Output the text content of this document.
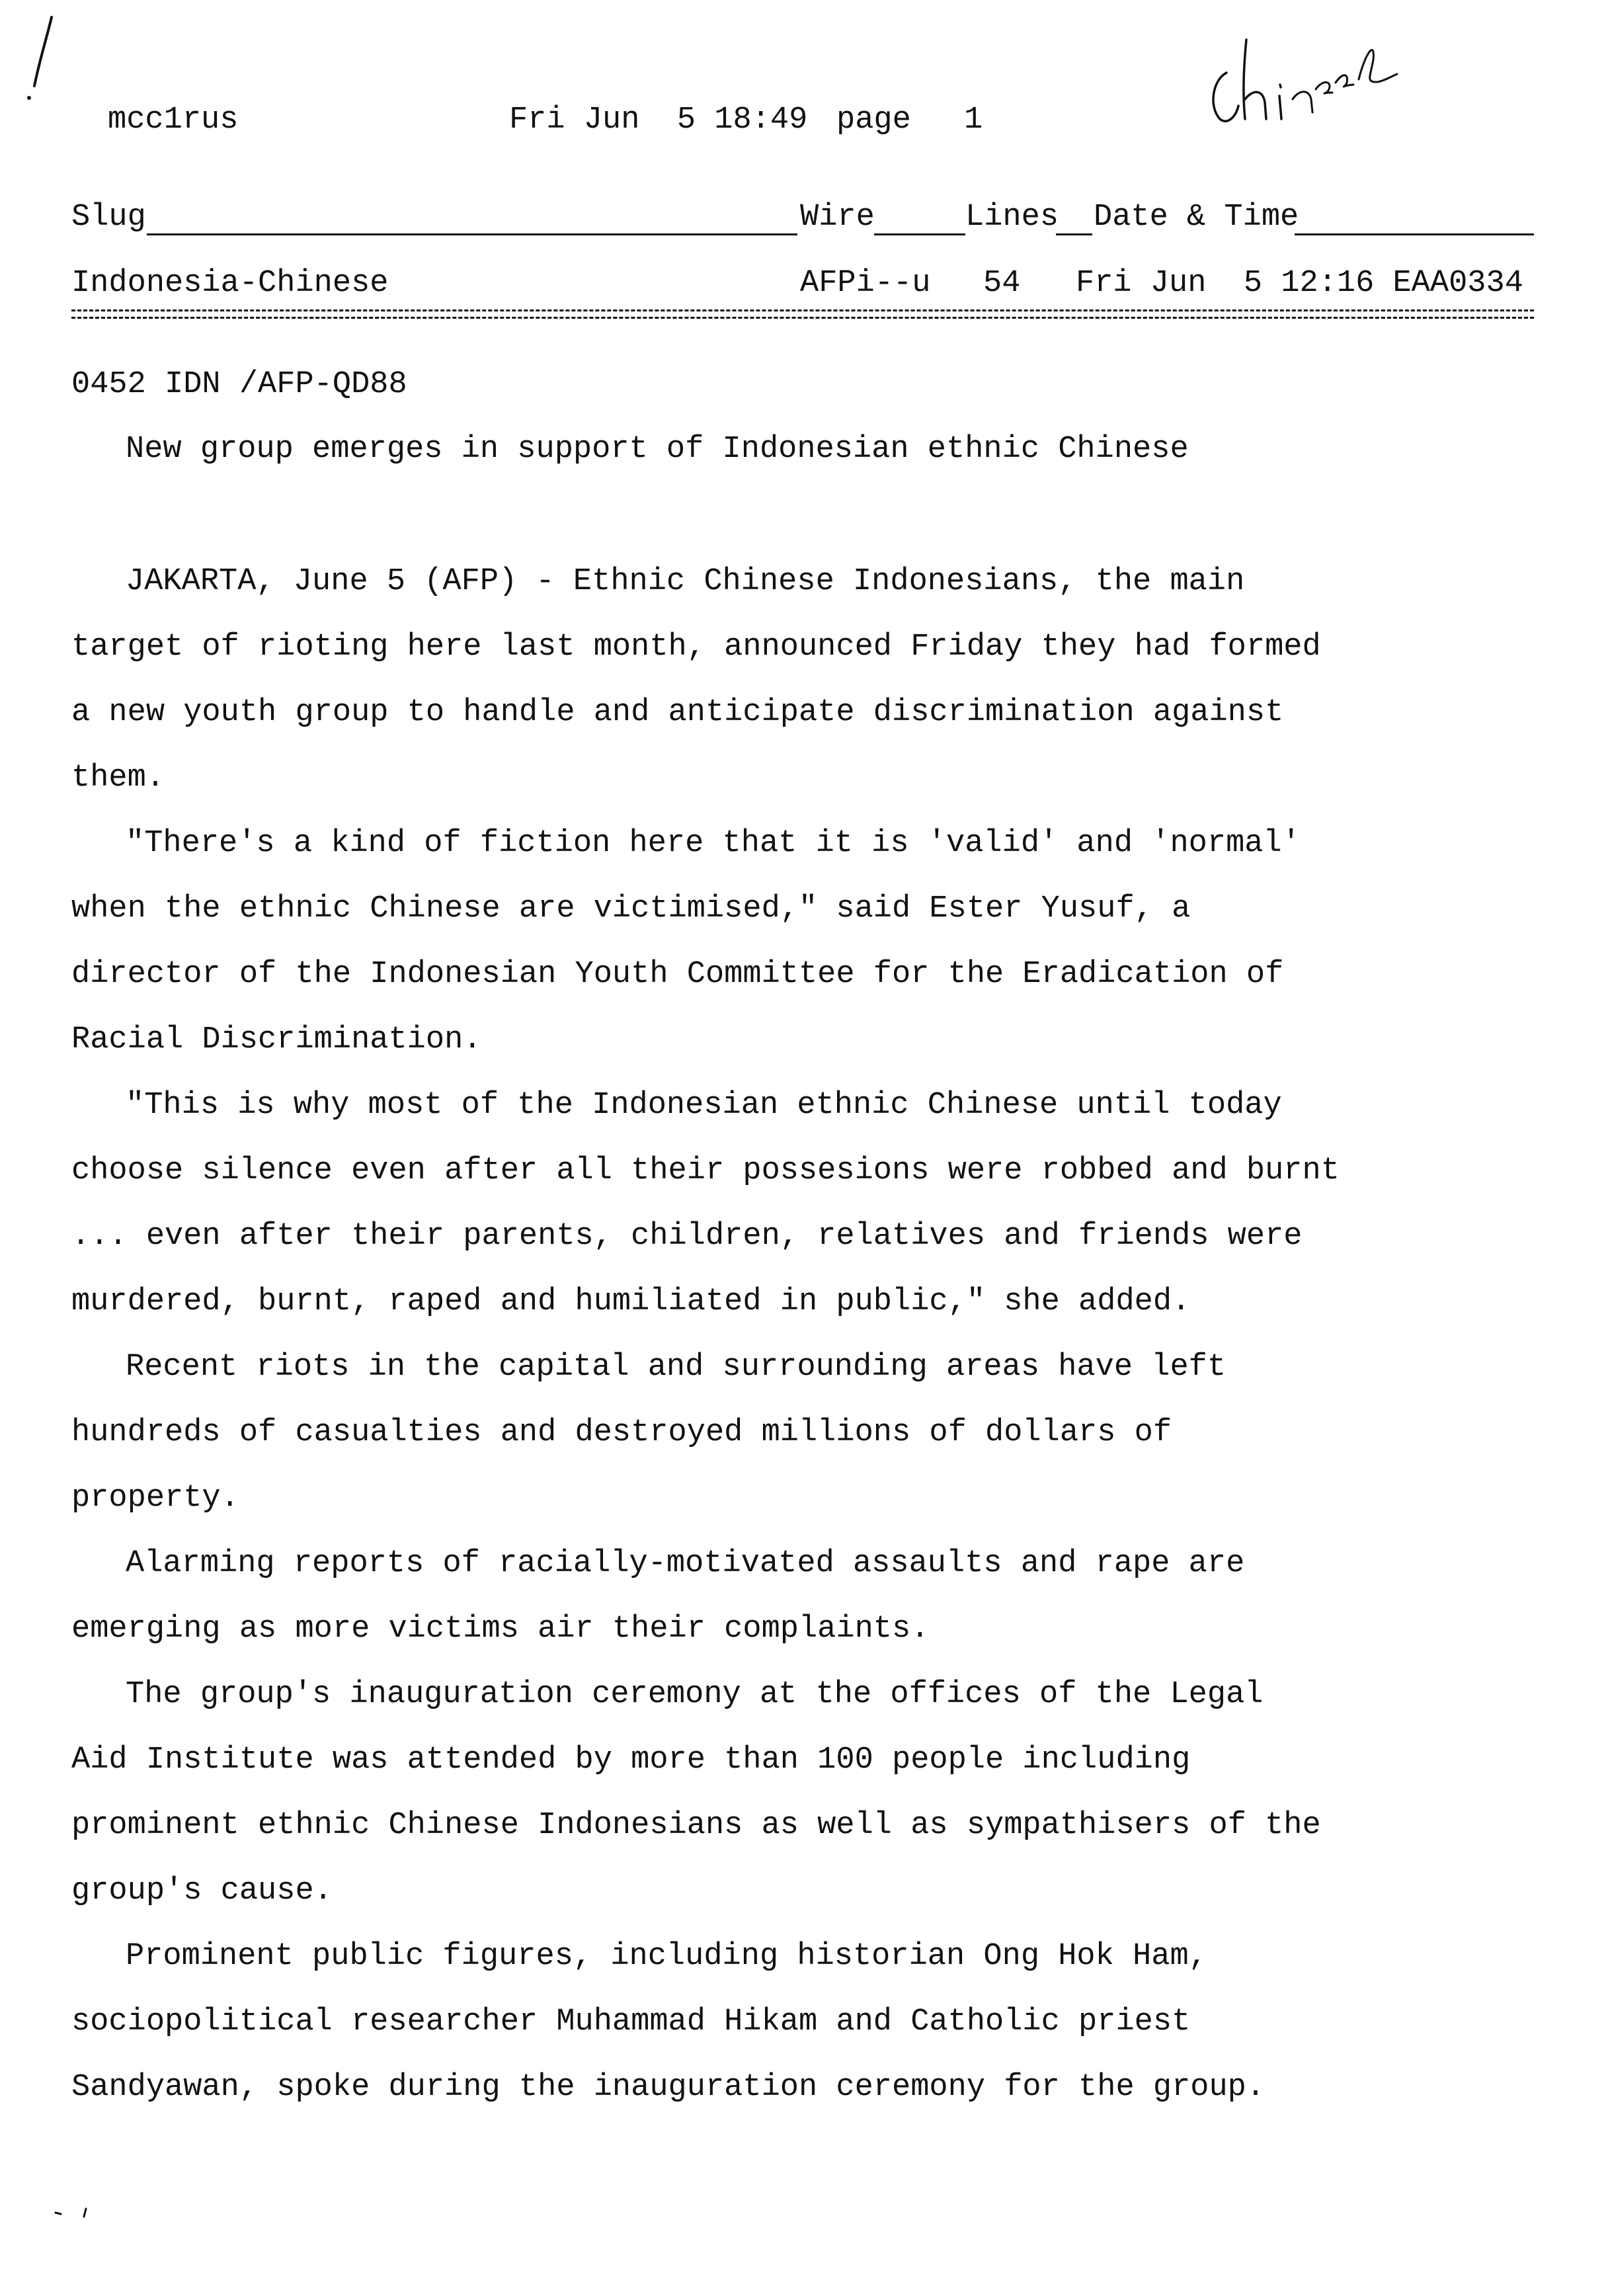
mcc1rus	Fri Jun  5 18:49 page 1
Slug	Wire	Lines Date & Time
Indonesia-Chinese	AFPi--u 54 Fri Jun  5 12:16 EAA0334
0452 IDN /AFP-QD88
New group emerges in support of Indonesian ethnic Chinese
JAKARTA, June 5 (AFP) - Ethnic Chinese Indonesians, the main
target of rioting here last month, announced Friday they had formed
a new youth group to handle and anticipate discrimination against
them.
"There's a kind of fiction here that it is 'valid' and 'normal'
when the ethnic Chinese are victimised," said Ester Yusuf, a
director of the Indonesian Youth Committee for the Eradication of
Racial Discrimination.
"This is why most of the Indonesian ethnic Chinese until today
choose silence even after all their possesions were robbed and burnt
... even after their parents, children, relatives and friends were
murdered, burnt, raped and humiliated in public," she added.
Recent riots in the capital and surrounding areas have left
hundreds of casualties and destroyed millions of dollars of
property.
Alarming reports of racially-motivated assaults and rape are
emerging as more victims air their complaints.
The group's inauguration ceremony at the offices of the Legal
Aid Institute was attended by more than 100 people including
prominent ethnic Chinese Indonesians as well as sympathisers of the
group's cause.
Prominent public figures, including historian Ong Hok Ham,
sociopolitical researcher Muhammad Hikam and Catholic priest
Sandyawan, spoke during the inauguration ceremony for the group.
